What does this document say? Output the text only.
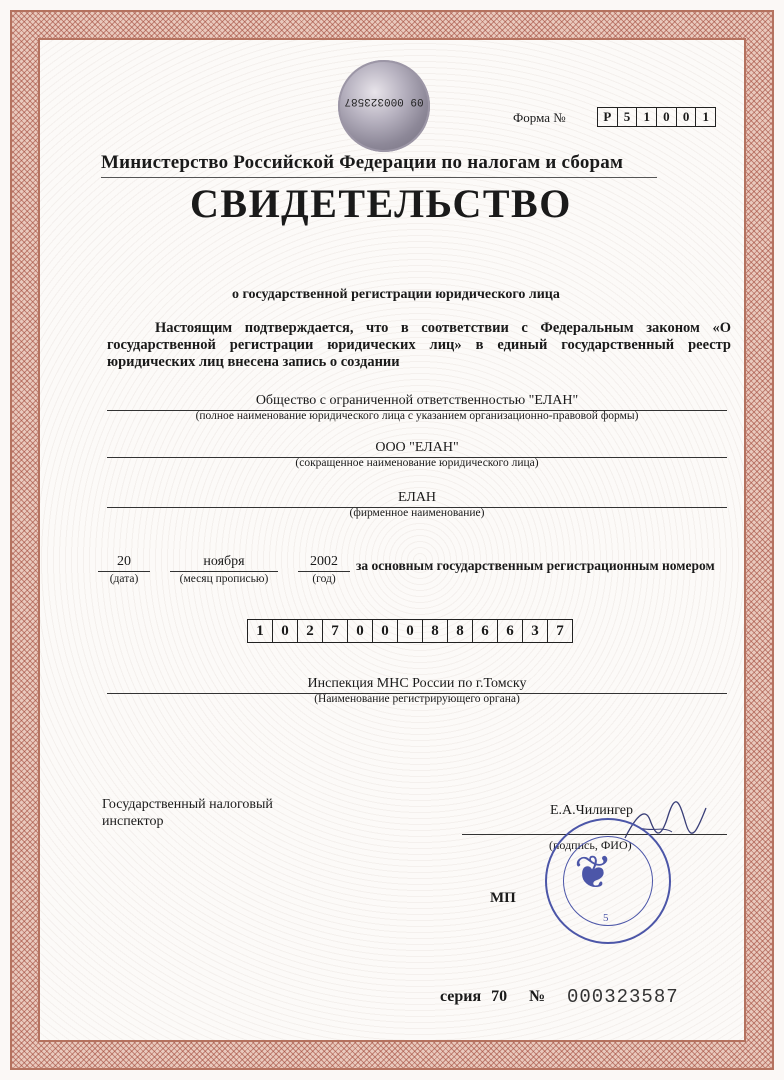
09 000323587
Форма №	Р 5	1	0	0	1
Министерство Российской Федерации по налогам и сборам
СВИДЕТЕЛЬСТВО
о государственной регистрации юридического лица
Настоящим подтверждается, что в соответствии с Федеральным законом «О государственной регистрации юридических лиц» в единый государственный реестр юридических лиц внесена запись о создании
Общество с ограниченной ответственностью "ЕЛАН"
(полное наименование юридического лица с указанием организационно-правовой формы)
ООО "ЕЛАН"
(сокращенное наименование юридического лица)
ЕЛАН
(фирменное наименование)
20
(дата)
ноября
(месяц прописью)
2002
(год)
за основным государственным регистрационным номером
1	0	2	7	0	0	0	8	8	6	6	3	7
Инспекция МНС России по г.Томску
(Наименование регистрирующего органа)
Государственный налоговый
инспектор
Е.А.Чилингер
(подпись, ФИО)
❦
5
МП
серия 70 № 000323587
